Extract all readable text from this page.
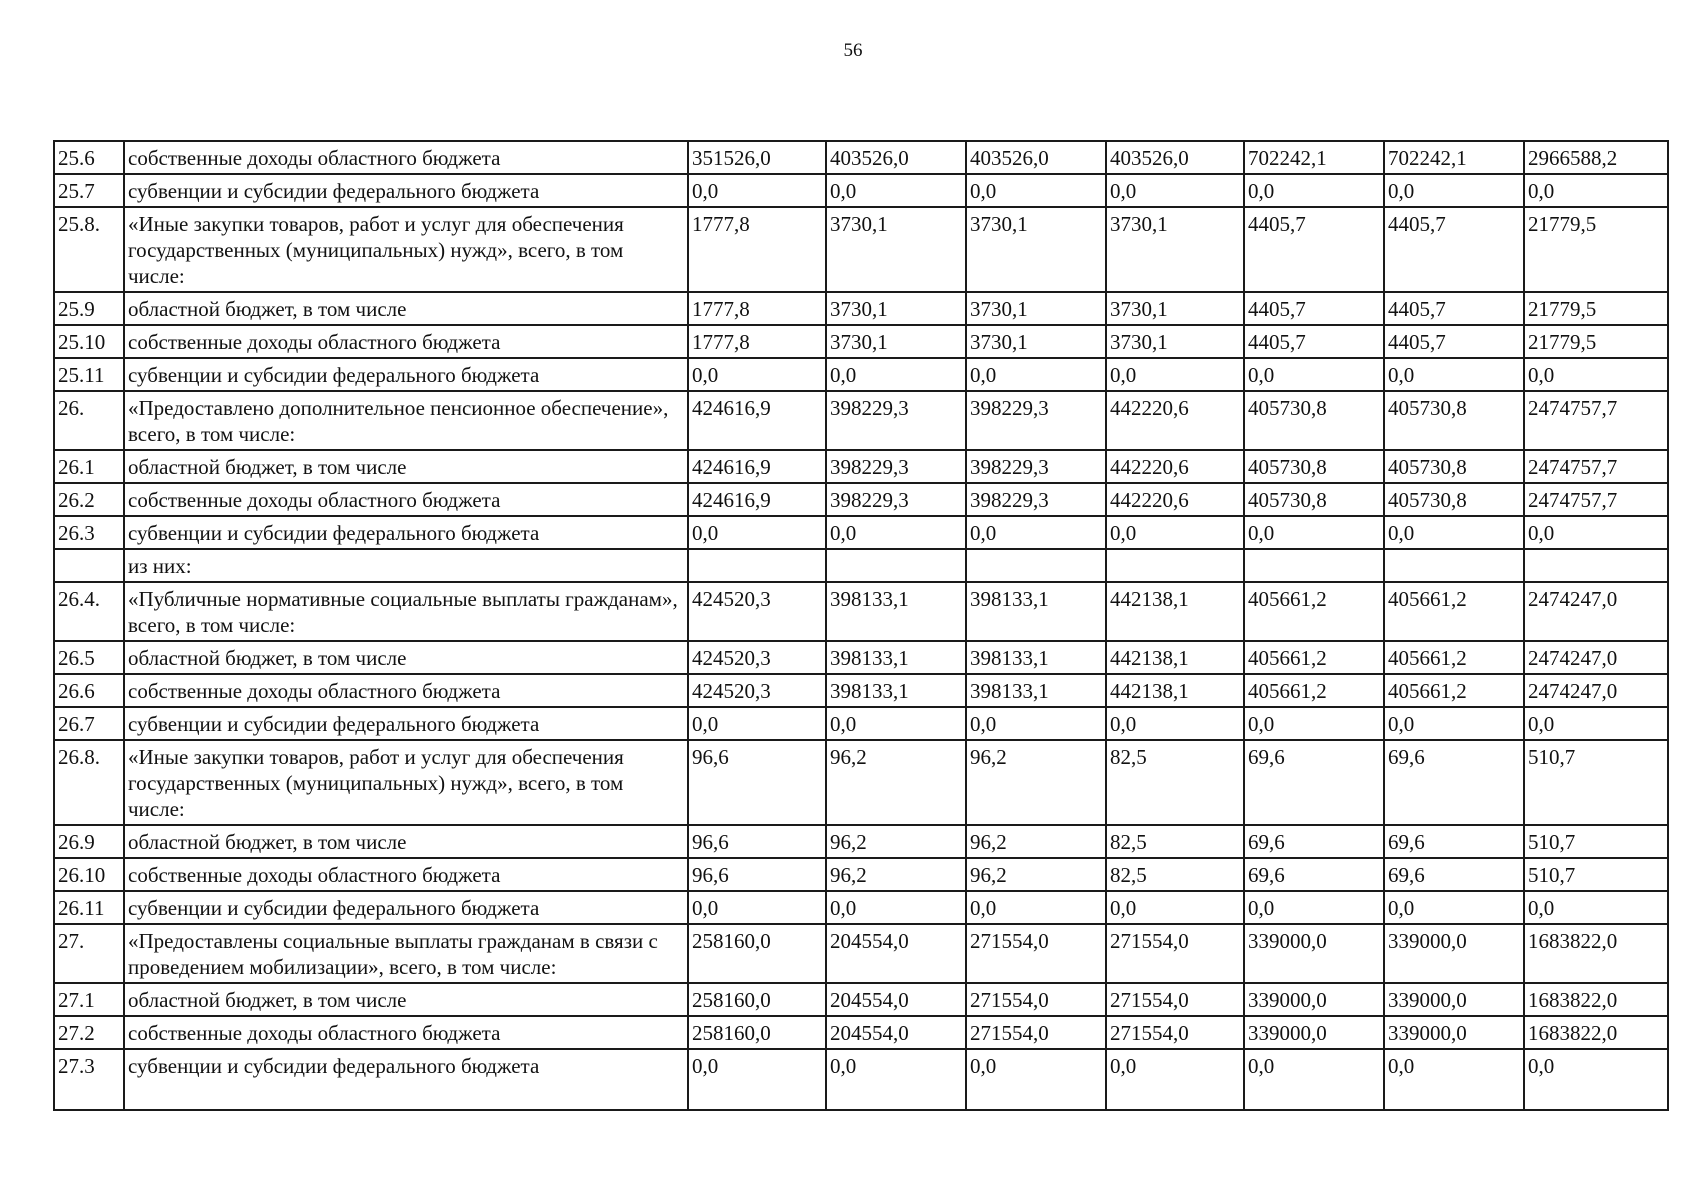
56
25.6	собственные доходы областного бюджета	351526,0	403526,0	403526,0	403526,0	702242,1	702242,1	2966588,2
25.7	субвенции и субсидии федерального бюджета	0,0	0,0	0,0	0,0	0,0	0,0	0,0
25.8.	«Иные закупки товаров, работ и услуг для обеспечения государственных (муниципальных) нужд», всего, в том числе:	1777,8	3730,1	3730,1	3730,1	4405,7	4405,7	21779,5
25.9	областной бюджет, в том числе	1777,8	3730,1	3730,1	3730,1	4405,7	4405,7	21779,5
25.10	собственные доходы областного бюджета	1777,8	3730,1	3730,1	3730,1	4405,7	4405,7	21779,5
25.11	субвенции и субсидии федерального бюджета	0,0	0,0	0,0	0,0	0,0	0,0	0,0
26.	«Предоставлено дополнительное пенсионное обеспечение», всего, в том числе:	424616,9	398229,3	398229,3	442220,6	405730,8	405730,8	2474757,7
26.1	областной бюджет, в том числе	424616,9	398229,3	398229,3	442220,6	405730,8	405730,8	2474757,7
26.2	собственные доходы областного бюджета	424616,9	398229,3	398229,3	442220,6	405730,8	405730,8	2474757,7
26.3	субвенции и субсидии федерального бюджета	0,0	0,0	0,0	0,0	0,0	0,0	0,0
	из них:							
26.4.	«Публичные нормативные социальные выплаты гражданам», всего, в том числе:	424520,3	398133,1	398133,1	442138,1	405661,2	405661,2	2474247,0
26.5	областной бюджет, в том числе	424520,3	398133,1	398133,1	442138,1	405661,2	405661,2	2474247,0
26.6	собственные доходы областного бюджета	424520,3	398133,1	398133,1	442138,1	405661,2	405661,2	2474247,0
26.7	субвенции и субсидии федерального бюджета	0,0	0,0	0,0	0,0	0,0	0,0	0,0
26.8.	«Иные закупки товаров, работ и услуг для обеспечения государственных (муниципальных) нужд», всего, в том числе:	96,6	96,2	96,2	82,5	69,6	69,6	510,7
26.9	областной бюджет, в том числе	96,6	96,2	96,2	82,5	69,6	69,6	510,7
26.10	собственные доходы областного бюджета	96,6	96,2	96,2	82,5	69,6	69,6	510,7
26.11	субвенции и субсидии федерального бюджета	0,0	0,0	0,0	0,0	0,0	0,0	0,0
27.	«Предоставлены социальные выплаты гражданам в связи с проведением мобилизации», всего, в том числе:	258160,0	204554,0	271554,0	271554,0	339000,0	339000,0	1683822,0
27.1	областной бюджет, в том числе	258160,0	204554,0	271554,0	271554,0	339000,0	339000,0	1683822,0
27.2	собственные доходы областного бюджета	258160,0	204554,0	271554,0	271554,0	339000,0	339000,0	1683822,0
27.3	субвенции и субсидии федерального бюджета	0,0	0,0	0,0	0,0	0,0	0,0	0,0
